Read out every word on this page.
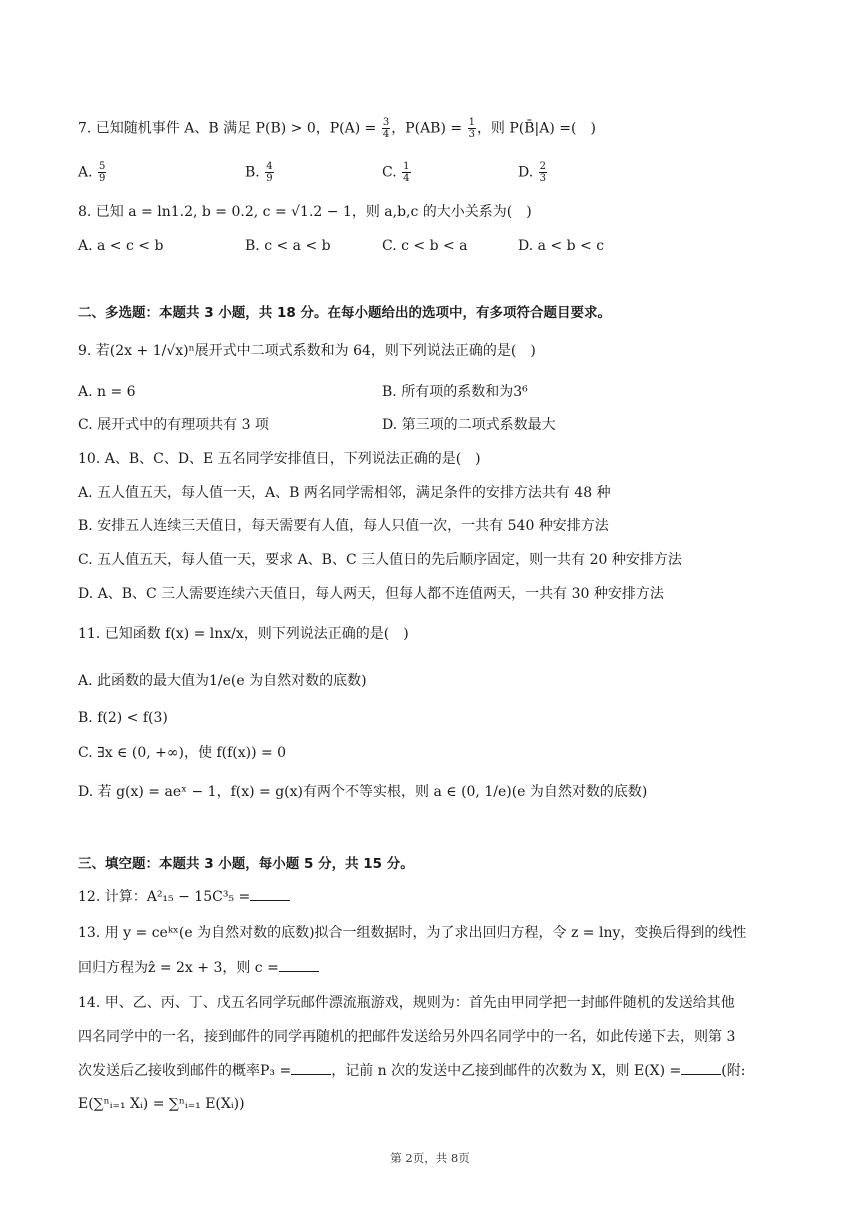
7. 已知随机事件 A、B 满足 P(B) > 0，$P(A) = \frac{3}{4}$ ，$P(AB) = \frac{1}{3}$ ，则 P(B̄|A) =(　)
A. $\frac{5}{9}$	B. $\frac{4}{9}$	C. $\frac{1}{4}$	D. $\frac{2}{3}$
8. 已知 a = ln1.2, b = 0.2, c = √1.2 − 1，则 a,b,c 的大小关系为(　)
A. a < c < b	B. c < a < b	C. c < b < a	D. a < b < c
二、多选题：本题共 3 小题，共 18 分。在每小题给出的选项中，有多项符合题目要求。
9. 若(2x + 1/√x)ⁿ展开式中二项式系数和为 64，则下列说法正确的是(　)
A. n = 6	B. 所有项的系数和为3⁶
C. 展开式中的有理项共有 3 项	D. 第三项的二项式系数最大
10. A、B、C、D、E 五名同学安排值日，下列说法正确的是(　)
A. 五人值五天，每人值一天，A、B 两名同学需相邻，满足条件的安排方法共有 48 种
B. 安排五人连续三天值日，每天需要有人值，每人只值一次，一共有 540 种安排方法
C. 五人值五天，每人值一天，要求 A、B、C 三人值日的先后顺序固定，则一共有 20 种安排方法
D. A、B、C 三人需要连续六天值日，每人两天，但每人都不连值两天，一共有 30 种安排方法
11. 已知函数 f(x) = lnx/x，则下列说法正确的是(　)
A. 此函数的最大值为1/e(e 为自然对数的底数)
B. f(2) < f(3)
C. ∃x ∈ (0, +∞)，使 f(f(x)) = 0
D. 若 g(x) = aeˣ − 1，f(x) = g(x)有两个不等实根，则 a ∈ (0, 1/e)(e 为自然对数的底数)
三、填空题：本题共 3 小题，每小题 5 分，共 15 分。
12. 计算：A²₁₅ − 15C³₅ =
13. 用 y = ceᵏˣ(e 为自然对数的底数)拟合一组数据时，为了求出回归方程，令 z = lny，变换后得到的线性
回归方程为ẑ = 2x + 3，则 c =
14. 甲、乙、丙、丁、戊五名同学玩邮件漂流瓶游戏，规则为：首先由甲同学把一封邮件随机的发送给其他
四名同学中的一名，接到邮件的同学再随机的把邮件发送给另外四名同学中的一名，如此传递下去，则第 3
次发送后乙接收到邮件的概率P₃ =	，记前 n 次的发送中乙接到邮件的次数为 X，则 E(X) =	(附:
E(∑ⁿᵢ₌₁ Xᵢ) = ∑ⁿᵢ₌₁ E(Xᵢ))
第 2页，共 8页
